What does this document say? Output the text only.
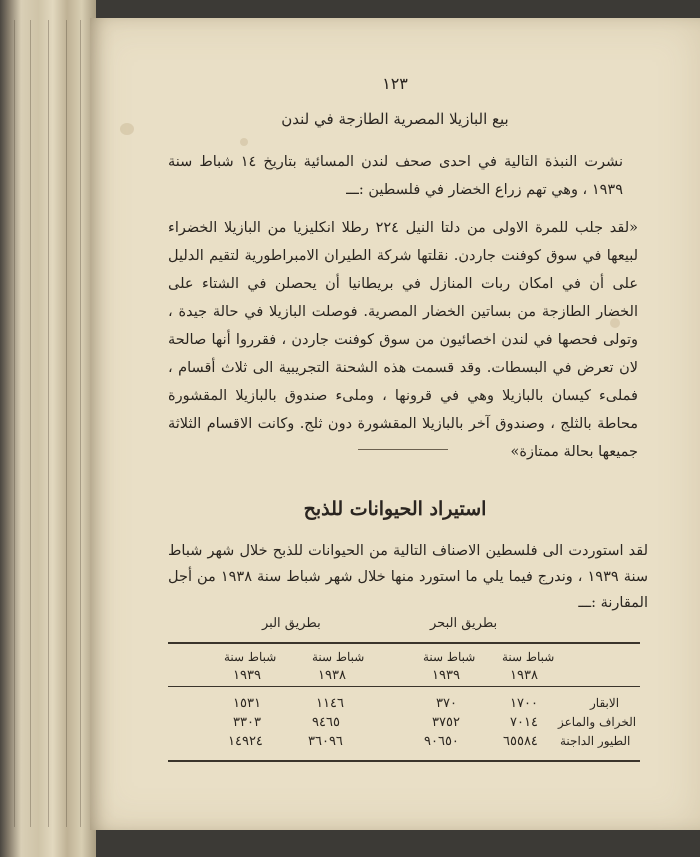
١٢٣
بيع البازيلا المصرية الطازجة في لندن
نشرت النبذة التالية في احدى صحف لندن المسائية بتاريخ ١٤ شباط سنة ١٩٣٩ ، وهي تهم زراع الخضار في فلسطين :ـــ
«لقد جلب للمرة الاولى من دلتا النيل ٢٢٤ رطلا انكليزيا من البازيلا الخضراء لبيعها في سوق كوفنت جاردن. نقلتها شركة الطيران الامبراطورية لتقيم الدليل على أن في امكان ربات المنازل في بريطانيا أن يحصلن في الشتاء على الخضار الطازجة من بساتين الخضار المصرية. فوصلت البازيلا في حالة جيدة ، وتولى فحصها في لندن اخصائيون من سوق كوفنت جاردن ، فقرروا أنها صالحة لان تعرض في البسطات. وقد قسمت هذه الشحنة التجريبية الى ثلاث أقسام ، فملىء كيسان بالبازيلا وهي في قرونها ، وملىء صندوق بالبازيلا المقشورة محاطة بالثلج ، وصندوق آخر بالبازيلا المقشورة دون ثلج. وكانت الاقسام الثلاثة جميعها بحالة ممتازة»
استيراد الحيوانات للذبح
لقد استوردت الى فلسطين الاصناف التالية من الحيوانات للذبح خلال شهر شباط سنة ١٩٣٩ ، وندرج فيما يلي ما استورد منها خلال شهر شباط سنة ١٩٣٨ من أجل المقارنة :ـــ
بطريق البحر
بطريق البر
شباط سنة
شباط سنة
شباط سنة
شباط سنة
١٩٣٨
١٩٣٩
١٩٣٨
١٩٣٩
الابقار
١٧٠٠
٣٧٠
١١٤٦
١٥٣١
الخراف والماعز
٧٠١٤
٣٧٥٢
٩٤٦٥
٣٣٠٣
الطيور الداجنة
٦٥٥٨٤
٩٠٦٥٠
٣٦٠٩٦
١٤٩٢٤
